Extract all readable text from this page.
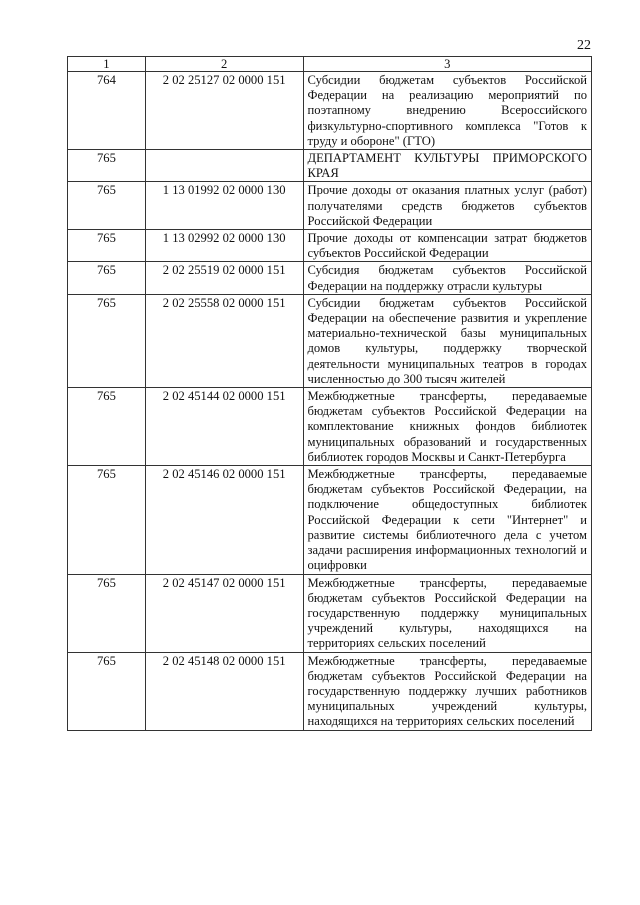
22
1	2	3
764	2 02 25127 02 0000 151	Субсидии бюджетам субъектов Российской Федерации на реализацию мероприятий по поэтапному внедрению Всероссийского физкультурно-спортивного комплекса "Готов к труду и обороне" (ГТО)
765		ДЕПАРТАМЕНТ КУЛЬТУРЫ ПРИМОРСКОГО КРАЯ
765	1 13 01992 02 0000 130	Прочие доходы от оказания платных услуг (работ) получателями средств бюджетов субъектов Российской Федерации
765	1 13 02992 02 0000 130	Прочие доходы от компенсации затрат бюджетов субъектов Российской Федерации
765	2 02 25519 02 0000 151	Субсидия бюджетам субъектов Российской Федерации на поддержку отрасли культуры
765	2 02 25558 02 0000 151	Субсидии бюджетам субъектов Российской Федерации на обеспечение развития и укрепление материально-технической базы муниципальных домов культуры, поддержку творческой деятельности муниципальных театров в городах численностью до 300 тысяч жителей
765	2 02 45144 02 0000 151	Межбюджетные трансферты, передаваемые бюджетам субъектов Российской Федерации на комплектование книжных фондов библиотек муниципальных образований и государственных библиотек городов Москвы и Санкт-Петербурга
765	2 02 45146 02 0000 151	Межбюджетные трансферты, передаваемые бюджетам субъектов Российской Федерации, на подключение общедоступных библиотек Российской Федерации к сети "Интернет" и развитие системы библиотечного дела с учетом задачи расширения информационных технологий и оцифровки
765	2 02 45147 02 0000 151	Межбюджетные трансферты, передаваемые бюджетам субъектов Российской Федерации на государственную поддержку муниципальных учреждений культуры, находящихся на территориях сельских поселений
765	2 02 45148 02 0000 151	Межбюджетные трансферты, передаваемые бюджетам субъектов Российской Федерации на государственную поддержку лучших работников муниципальных учреждений культуры, находящихся на территориях сельских поселений
